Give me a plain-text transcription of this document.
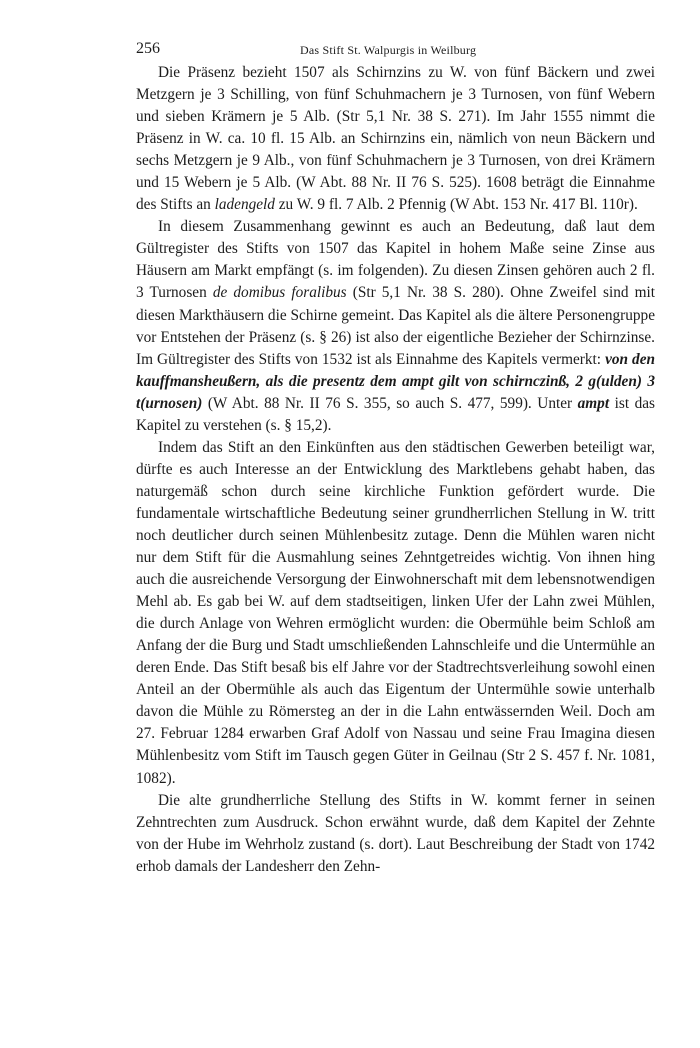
256	Das Stift St. Walpurgis in Weilburg

Die Präsenz bezieht 1507 als Schirnzins zu W. von fünf Bäckern und zwei Metzgern je 3 Schilling, von fünf Schuhmachern je 3 Turnosen, von fünf Webern und sieben Krämern je 5 Alb. (Str 5,1 Nr. 38 S. 271). Im Jahr 1555 nimmt die Präsenz in W. ca. 10 fl. 15 Alb. an Schirnzins ein, nämlich von neun Bäckern und sechs Metzgern je 9 Alb., von fünf Schuhmachern je 3 Turnosen, von drei Krämern und 15 Webern je 5 Alb. (W Abt. 88 Nr. II 76 S. 525). 1608 beträgt die Einnahme des Stifts an ladengeld zu W. 9 fl. 7 Alb. 2 Pfennig (W Abt. 153 Nr. 417 Bl. 110r).

In diesem Zusammenhang gewinnt es auch an Bedeutung, daß laut dem Gültregister des Stifts von 1507 das Kapitel in hohem Maße seine Zinse aus Häusern am Markt empfängt (s. im folgenden). Zu diesen Zinsen gehören auch 2 fl. 3 Turnosen de domibus foralibus (Str 5,1 Nr. 38 S. 280). Ohne Zweifel sind mit diesen Markthäusern die Schirne gemeint. Das Kapitel als die ältere Personengruppe vor Entstehen der Präsenz (s. § 26) ist also der eigentliche Bezieher der Schirnzinse. Im Gültregister des Stifts von 1532 ist als Einnahme des Kapitels vermerkt: von den kauffmansheußern, als die presentz dem ampt gilt von schirnczinß, 2 g(ulden) 3 t(urnosen) (W Abt. 88 Nr. II 76 S. 355, so auch S. 477, 599). Unter ampt ist das Kapitel zu verstehen (s. § 15,2).

Indem das Stift an den Einkünften aus den städtischen Gewerben beteiligt war, dürfte es auch Interesse an der Entwicklung des Marktlebens gehabt haben, das naturgemäß schon durch seine kirchliche Funktion gefördert wurde. Die fundamentale wirtschaftliche Bedeutung seiner grundherrlichen Stellung in W. tritt noch deutlicher durch seinen Mühlenbesitz zutage. Denn die Mühlen waren nicht nur dem Stift für die Ausmahlung seines Zehntgetreides wichtig. Von ihnen hing auch die ausreichende Versorgung der Einwohnerschaft mit dem lebensnotwendigen Mehl ab. Es gab bei W. auf dem stadtseitigen, linken Ufer der Lahn zwei Mühlen, die durch Anlage von Wehren ermöglicht wurden: die Obermühle beim Schloß am Anfang der die Burg und Stadt umschließenden Lahnschleife und die Untermühle an deren Ende. Das Stift besaß bis elf Jahre vor der Stadtrechtsverleihung sowohl einen Anteil an der Obermühle als auch das Eigentum der Untermühle sowie unterhalb davon die Mühle zu Römersteg an der in die Lahn entwässernden Weil. Doch am 27. Februar 1284 erwarben Graf Adolf von Nassau und seine Frau Imagina diesen Mühlenbesitz vom Stift im Tausch gegen Güter in Geilnau (Str 2 S. 457 f. Nr. 1081, 1082).

Die alte grundherrliche Stellung des Stifts in W. kommt ferner in seinen Zehntrechten zum Ausdruck. Schon erwähnt wurde, daß dem Kapitel der Zehnte von der Hube im Wehrholz zustand (s. dort). Laut Beschreibung der Stadt von 1742 erhob damals der Landesherr den Zehn-
